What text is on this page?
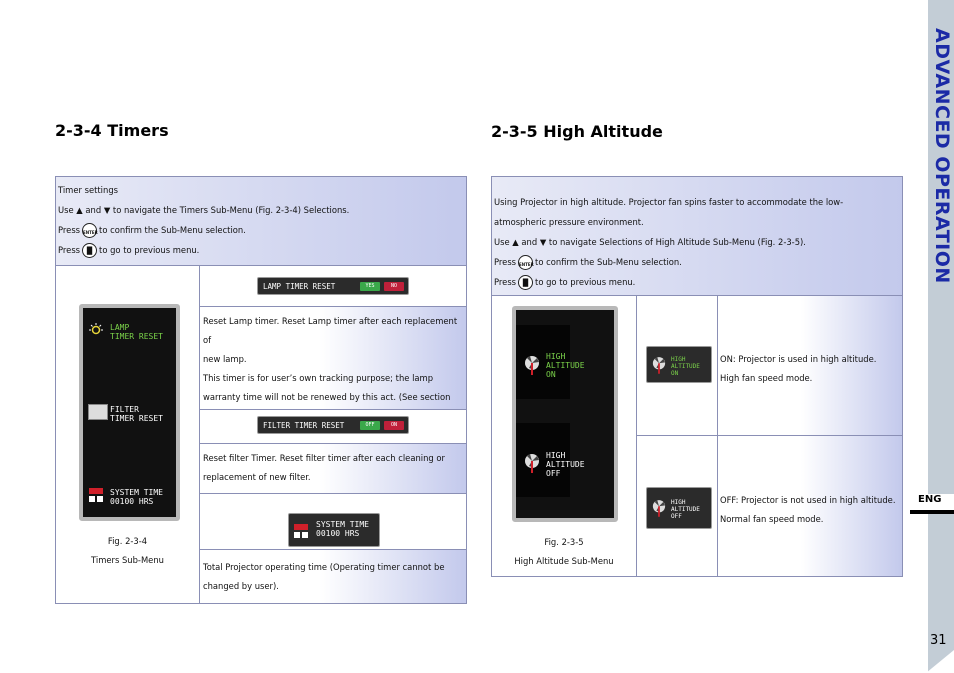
2-3-4 Timers
Timer settings
Use ▲ and ▼ to navigate the Timers Sub-Menu (Fig. 2-3-4) Selections.
Press ENTER to confirm the Sub-Menu selection.
Press ▐▌ to go to previous menu.
LAMP
TIMER RESET
FILTER
TIMER RESET
SYSTEM TIME
00100 HRS
Fig. 2-3-4
Timers Sub-Menu
LAMP TIMER RESET	YES	NO
Reset Lamp timer. Reset Lamp timer after each replacement of
new lamp.
This timer is for user’s own tracking purpose; the lamp
warranty time will not be renewed by this act. (See section
FILTER TIMER RESET	OFF	ON
Reset filter Timer. Reset filter timer after each cleaning or
replacement of new filter.
SYSTEM TIME
00100 HRS
Total Projector operating time (Operating timer cannot be
changed by user).
2-3-5 High Altitude
Using Projector in high altitude. Projector fan spins faster to accommodate the low-
atmospheric pressure environment.
Use ▲ and ▼ to navigate Selections of High Altitude Sub-Menu (Fig. 2-3-5).
Press ENTER to confirm the Sub-Menu selection.
Press ▐▌ to go to previous menu.
HIGH
ALTITUDE
ON
HIGH
ALTITUDE
OFF
Fig. 2-3-5
High Altitude Sub-Menu
HIGH
ALTITUDE
ON
ON: Projector is used in high altitude.
High fan speed mode.
HIGH
ALTITUDE
OFF
OFF: Projector is not used in high altitude.
Normal fan speed mode.
ADVANCED OPERATION
ENG
31
